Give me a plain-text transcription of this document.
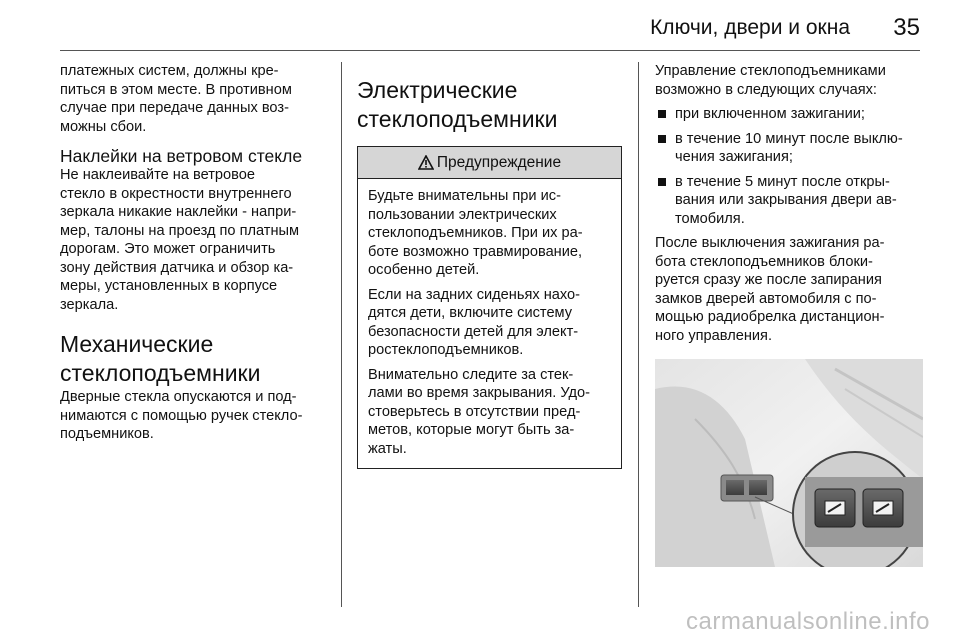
Ключи, двери и окна 35

платежных систем, должны кре-
питься в этом месте. В противном
случае при передаче данных воз-
можны сбои.

Наклейки на ветровом стекле

Не наклеивайте на ветровое
стекло в окрестности внутреннего
зеркала никакие наклейки - напри-
мер, талоны на проезд по платным
дорогам. Это может ограничить
зону действия датчика и обзор ка-
меры, установленных в корпусе
зеркала.

Механические
стеклоподъемники

Дверные стекла опускаются и под-
нимаются с помощью ручек стекло-
подъемников.

Электрические
стеклоподъемники

Предупреждение

Будьте внимательны при ис-
пользовании электрических
стеклоподъемников. При их ра-
боте возможно травмирование,
особенно детей.

Если на задних сиденьях нахо-
дятся дети, включите систему
безопасности детей для элект-
ростеклоподъемников.

Внимательно следите за стек-
лами во время закрывания. Удо-
стоверьтесь в отсутствии пред-
метов, которые могут быть за-
жаты.

Управление стеклоподъемниками
возможно в следующих случаях:

при включенном зажигании;
в течение 10 минут после выклю-
чения зажигания;
в течение 5 минут после откры-
вания или закрывания двери ав-
томобиля.

После выключения зажигания ра-
бота стеклоподъемников блоки-
руется сразу же после запирания
замков дверей автомобиля с по-
мощью радиобрелка дистанцион-
ного управления.

carmanualsonline.info
